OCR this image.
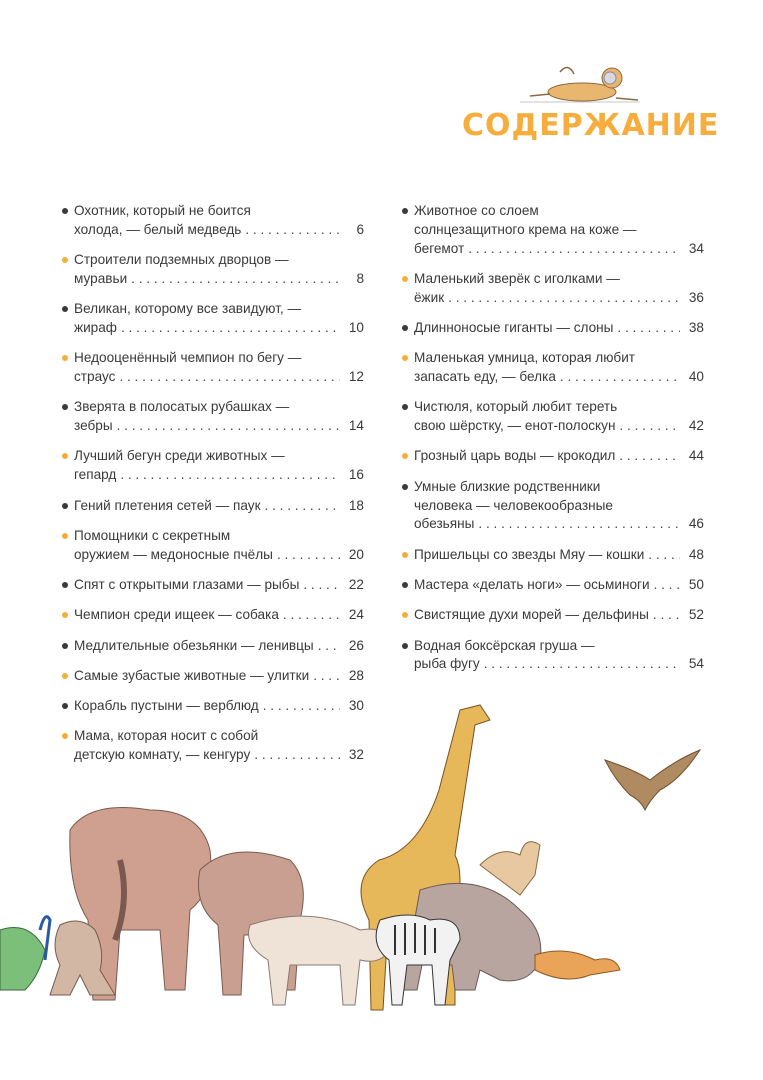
СОДЕРЖАНИЕ
Охотник, который не боится
холода, — белый медведь . . .	6
Строители подземных дворцов —
муравьи . . .	8
Великан, которому все завидуют, —
жираф . . .	10
Недооценённый чемпион по бегу —
страус . . .	12
Зверята в полосатых рубашках —
зебры . . .	14
Лучший бегун среди животных —
гепард . . .	16
Гений плетения сетей — паук . . .	18
Помощники с секретным
оружием — медоносные пчёлы . . .	20
Спят с открытыми глазами — рыбы . . .	22
Чемпион среди ищеек — собака . . .	24
Медлительные обезьянки — ленивцы . . .	26
Самые зубастые животные — улитки . . .	28
Корабль пустыни — верблюд . . .	30
Мама, которая носит с собой
детскую комнату, — кенгуру . . .	32
Животное со слоем
солнцезащитного крема на коже —
бегемот . . .	34
Маленький зверёк с иголками —
ёжик . . .	36
Длинноносые гиганты — слоны . . .	38
Маленькая умница, которая любит
запасать еду, — белка . . .	40
Чистюля, который любит тереть
свою шёрстку, — енот-полоскун . . .	42
Грозный царь воды — крокодил . . .	44
Умные близкие родственники
человека — человекообразные
обезьяны . . .	46
Пришельцы со звезды Мяу — кошки . . .	48
Мастера «делать ноги» — осьминоги . . .	50
Свистящие духи морей — дельфины . . .	52
Водная боксёрская груша —
рыба фугу . . .	54
